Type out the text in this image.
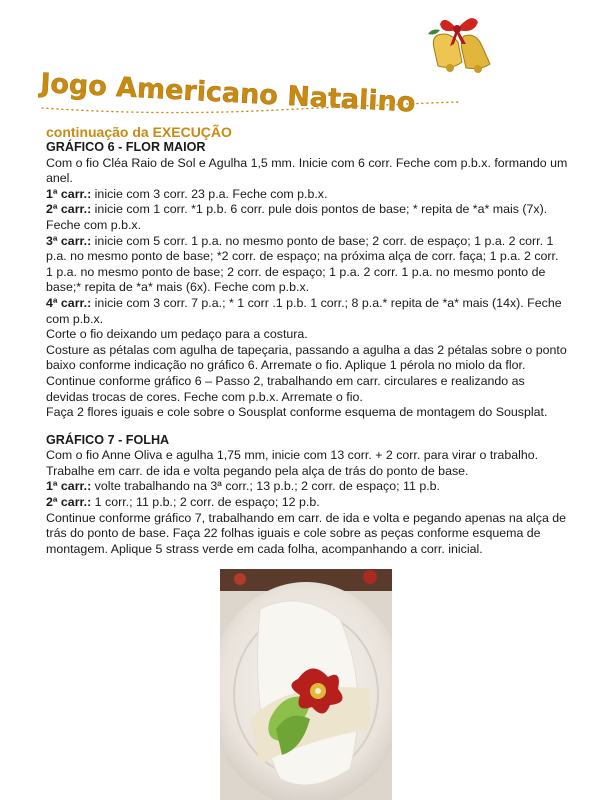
Jogo Americano Natalino

continuação da EXECUÇÃO

GRÁFICO 6 - FLOR MAIOR

Com o fio Cléa Raio de Sol e Agulha 1,5 mm. Inicie com 6 corr. Feche com p.b.x. formando um anel.

1ª carr.: inicie com 3 corr. 23 p.a. Feche com p.b.x.

2ª carr.: inicie com 1 corr. *1 p.b. 6 corr. pule dois pontos de base; * repita de *a* mais (7x). Feche com p.b.x.

3ª carr.: inicie com 5 corr. 1 p.a. no mesmo ponto de base; 2 corr. de espaço; 1 p.a. 2 corr. 1 p.a. no mesmo ponto de base; *2 corr. de espaço; na próxima alça de corr. faça; 1 p.a. 2 corr. 1 p.a. no mesmo ponto de base; 2 corr. de espaço; 1 p.a. 2 corr. 1 p.a. no mesmo ponto de base;* repita de *a* mais (6x). Feche com p.b.x.

4ª carr.: inicie com 3 corr. 7 p.a.; * 1 corr .1 p.b. 1 corr.; 8 p.a.* repita de *a* mais (14x). Feche com p.b.x.

Corte o fio deixando um pedaço para a costura.

Costure as pétalas com agulha de tapeçaria, passando a agulha a das 2 pétalas sobre o ponto baixo conforme indicação no gráfico 6. Arremate o fio. Aplique 1 pérola no miolo da flor.

Continue conforme gráfico 6 – Passo 2, trabalhando em carr. circulares e realizando as devidas trocas de cores. Feche com p.b.x. Arremate o fio.

Faça 2 flores iguais e cole sobre o Sousplat conforme esquema de montagem do Sousplat.

GRÁFICO 7 - FOLHA

Com o fio Anne Oliva e agulha 1,75 mm, inicie com 13 corr. + 2 corr. para virar o trabalho. Trabalhe em carr. de ida e volta pegando pela alça de trás do ponto de base.

1ª carr.: volte trabalhando na 3ª corr.; 13 p.b.; 2 corr. de espaço; 11 p.b.

2ª carr.: 1 corr.; 11 p.b.; 2 corr. de espaço; 12 p.b.

Continue conforme gráfico 7, trabalhando em carr. de ida e volta e pegando apenas na alça de trás do ponto de base. Faça 22 folhas iguais e cole sobre as peças conforme esquema de montagem. Aplique 5 strass verde em cada folha, acompanhando a corr. inicial.

PassionForum.ru
